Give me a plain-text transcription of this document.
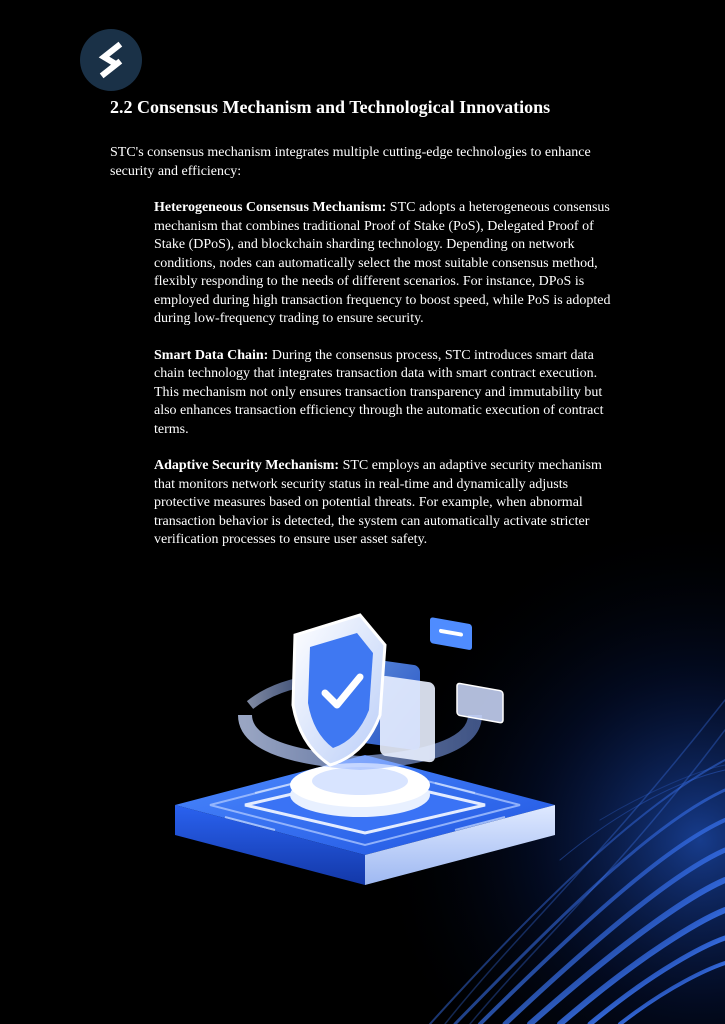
2.2 Consensus Mechanism and Technological Innovations

STC's consensus mechanism integrates multiple cutting-edge technologies to enhance security and efficiency:

Heterogeneous Consensus Mechanism: STC adopts a heterogeneous consensus mechanism that combines traditional Proof of Stake (PoS), Delegated Proof of Stake (DPoS), and blockchain sharding technology. Depending on network conditions, nodes can automatically select the most suitable consensus method, flexibly responding to the needs of different scenarios. For instance, DPoS is employed during high transaction frequency to boost speed, while PoS is adopted during low-frequency trading to ensure security.

Smart Data Chain: During the consensus process, STC introduces smart data chain technology that integrates transaction data with smart contract execution. This mechanism not only ensures transaction transparency and immutability but also enhances transaction efficiency through the automatic execution of contract terms.

Adaptive Security Mechanism: STC employs an adaptive security mechanism that monitors network security status in real-time and dynamically adjusts protective measures based on potential threats. For example, when abnormal transaction behavior is detected, the system can automatically activate stricter verification processes to ensure user asset safety.
